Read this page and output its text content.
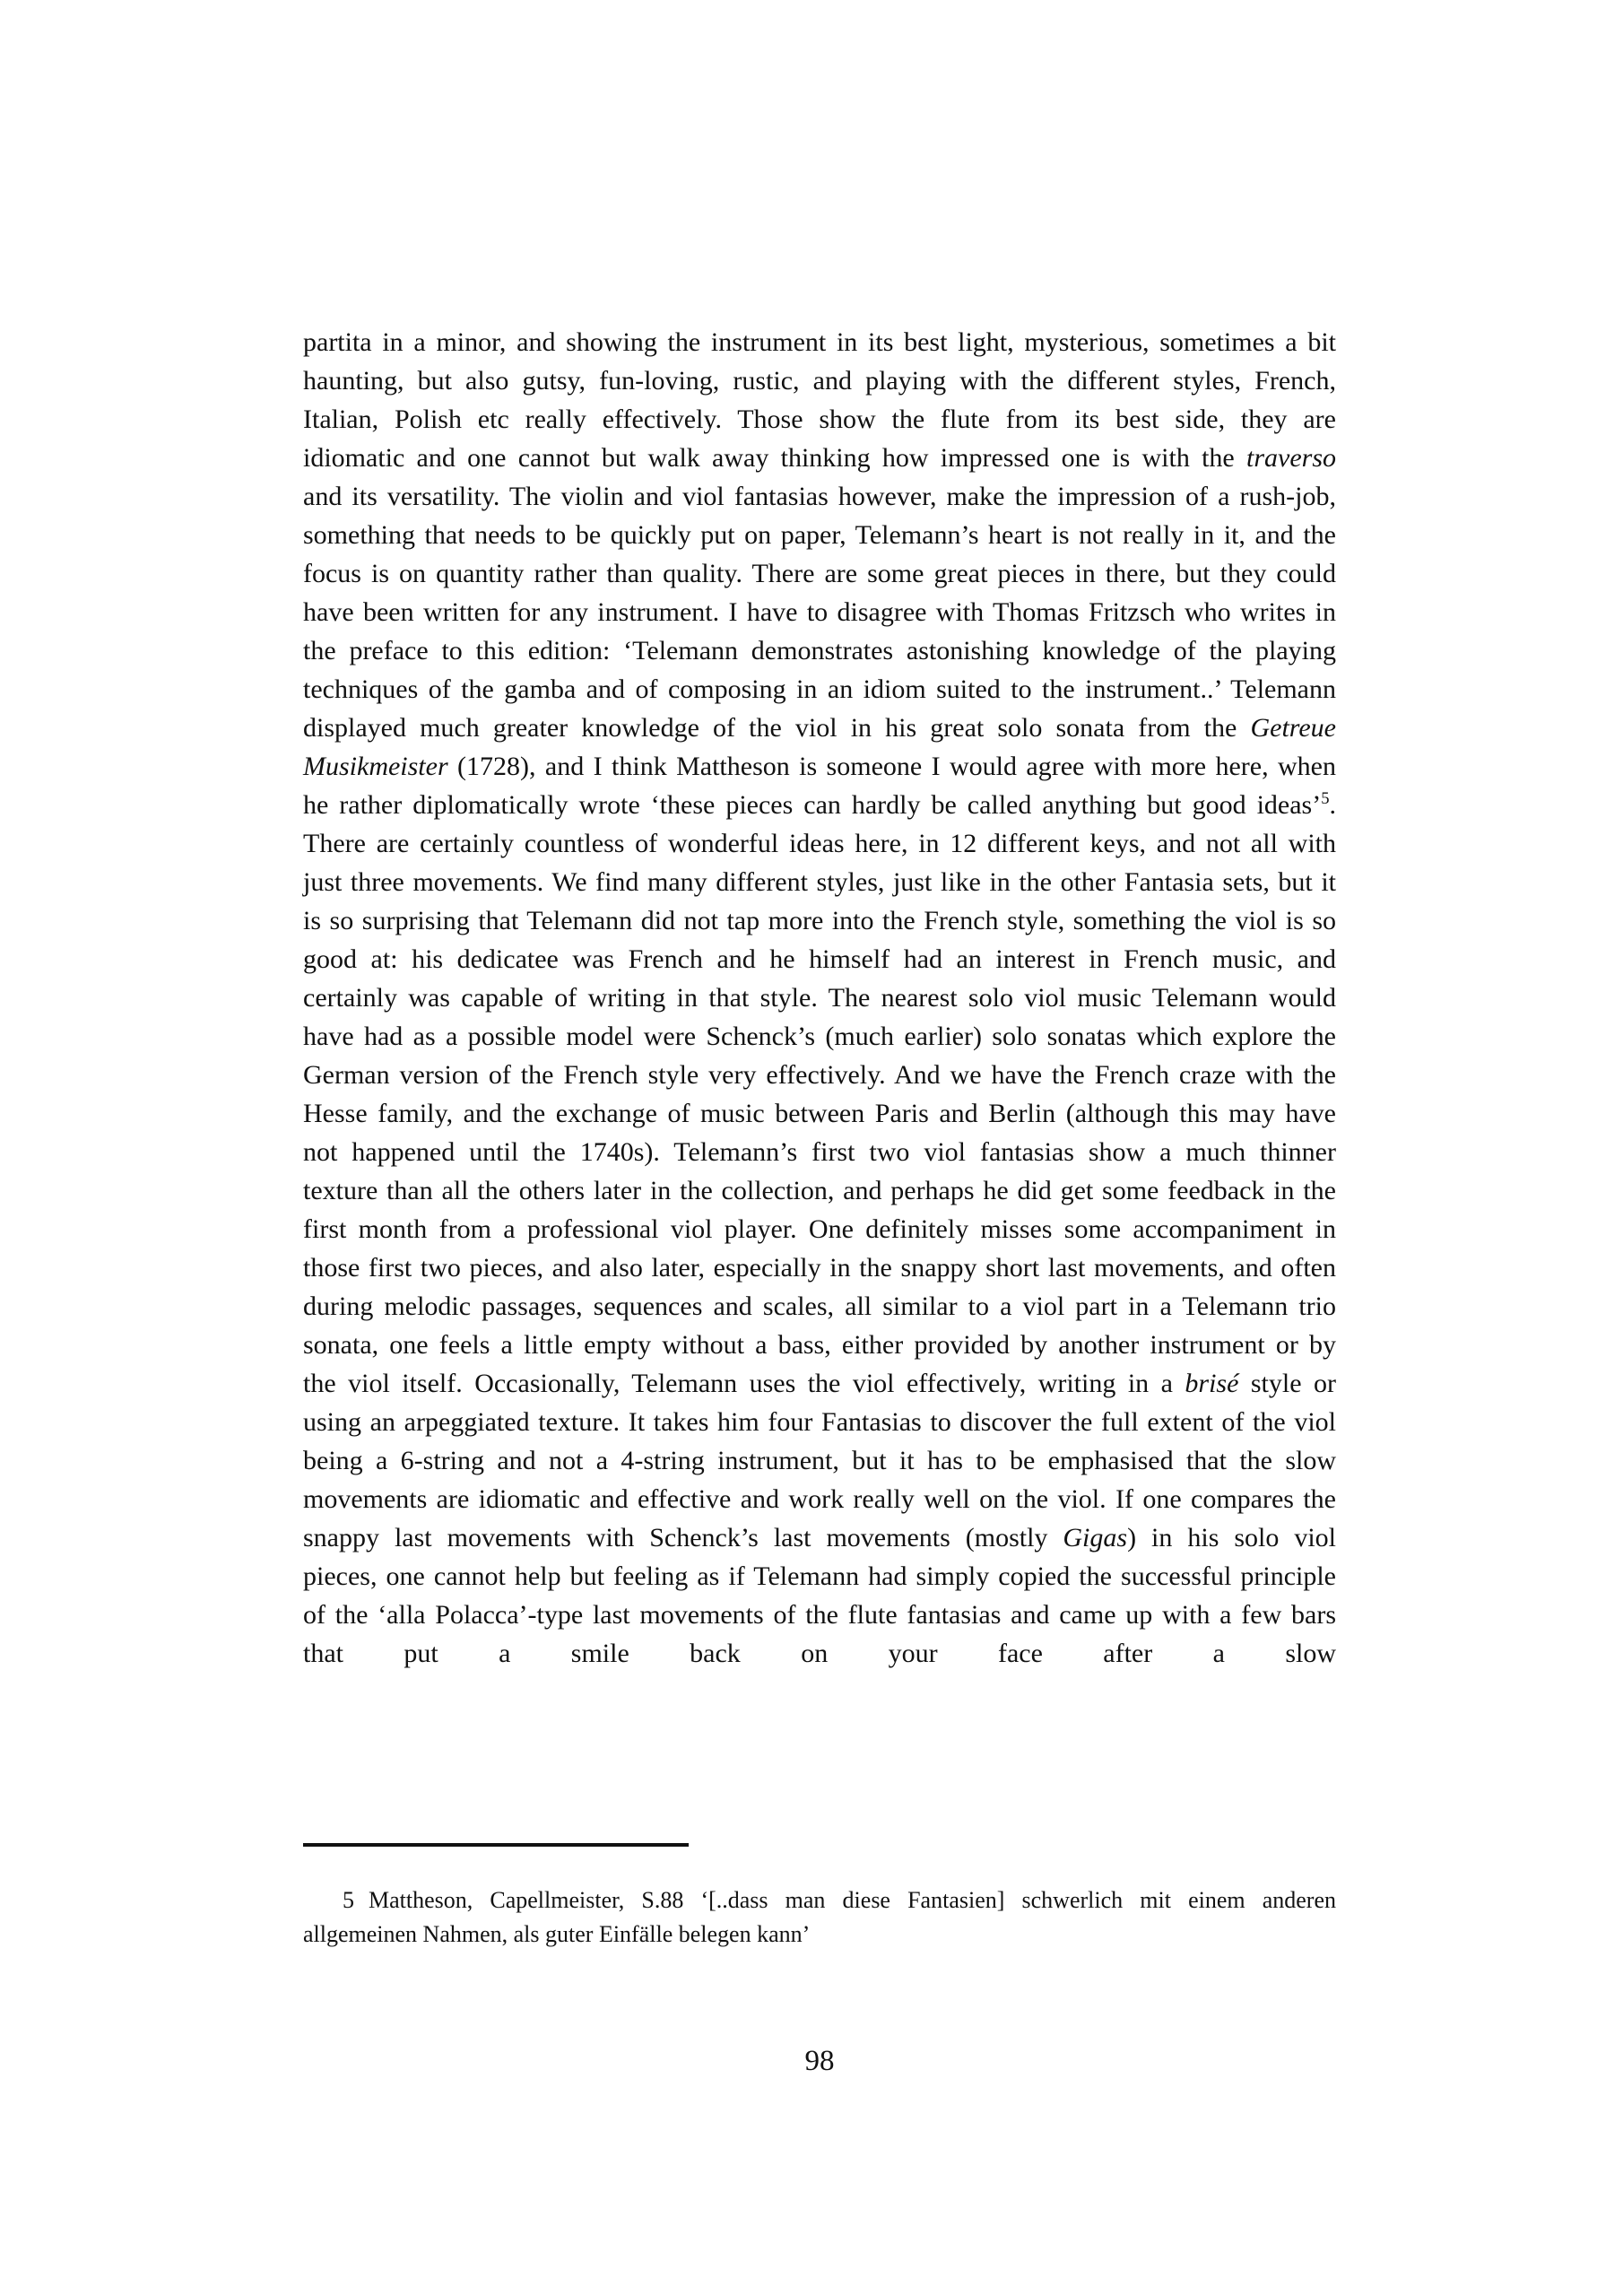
partita in a minor, and showing the instrument in its best light, mysterious, sometimes a bit haunting, but also gutsy, fun-loving, rustic, and playing with the different styles, French, Italian, Polish etc really effectively. Those show the flute from its best side, they are idiomatic and one cannot but walk away thinking how impressed one is with the traverso and its versatility. The violin and viol fantasias however, make the impression of a rush-job, something that needs to be quickly put on paper, Telemann’s heart is not really in it, and the focus is on quantity rather than quality. There are some great pieces in there, but they could have been written for any instrument. I have to disagree with Thomas Fritzsch who writes in the preface to this edition: ‘Telemann demonstrates astonishing knowledge of the playing techniques of the gamba and of composing in an idiom suited to the instrument..’ Telemann displayed much greater knowledge of the viol in his great solo sonata from the Getreue Musikmeister (1728), and I think Mattheson is someone I would agree with more here, when he rather diplomatically wrote ‘these pieces can hardly be called anything but good ideas’$^5$. There are certainly countless of wonderful ideas here, in 12 different keys, and not all with just three movements. We find many different styles, just like in the other Fantasia sets, but it is so surprising that Telemann did not tap more into the French style, something the viol is so good at: his dedicatee was French and he himself had an interest in French music, and certainly was capable of writing in that style. The nearest solo viol music Telemann would have had as a possible model were Schenck’s (much earlier) solo sonatas which explore the German version of the French style very effectively. And we have the French craze with the Hesse family, and the exchange of music between Paris and Berlin (although this may have not happened until the 1740s). Telemann’s first two viol fantasias show a much thinner texture than all the others later in the collection, and perhaps he did get some feedback in the first month from a professional viol player. One definitely misses some accompaniment in those first two pieces, and also later, especially in the snappy short last movements, and often during melodic passages, sequences and scales, all similar to a viol part in a Telemann trio sonata, one feels a little empty without a bass, either provided by another instrument or by the viol itself. Occasionally, Telemann uses the viol effectively, writing in a brisé style or using an arpeggiated texture. It takes him four Fantasias to discover the full extent of the viol being a 6-string and not a 4-string instrument, but it has to be emphasised that the slow movements are idiomatic and effective and work really well on the viol. If one compares the snappy last movements with Schenck’s last movements (mostly Gigas) in his solo viol pieces, one cannot help but feeling as if Telemann had simply copied the successful principle of the ‘alla Polacca’-type last movements of the flute fantasias and came up with a few bars that put a smile back on your face after a slow

5 Mattheson, Capellmeister, S.88 ‘[..dass man diese Fantasien] schwerlich mit einem anderen allgemeinen Nahmen, als guter Einfälle belegen kann’

98
